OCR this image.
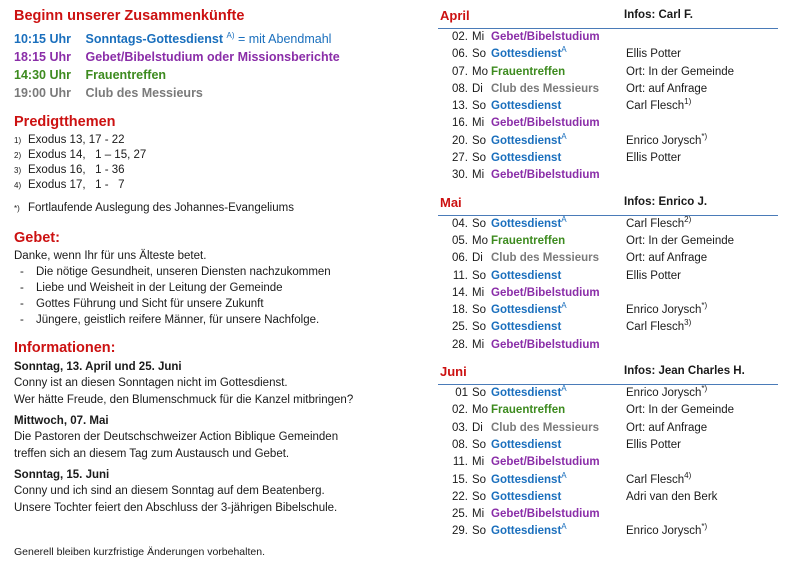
Beginn unserer Zusammenkünfte
10:15 Uhr Sonntags-Gottesdienst $^{A)}$ = mit Abendmahl
18:15 Uhr Gebet/Bibelstudium oder Missionsberichte
14:30 Uhr Frauentreffen
19:00 Uhr Club des Messieurs
Predigtthemen
1) Exodus 13, 17 - 22
2) Exodus 14,   1 – 15, 27
3) Exodus 16,   1 - 36
4) Exodus 17,   1 -   7
*) Fortlaufende Auslegung des Johannes-Evangeliums
Gebet:
Danke, wenn Ihr für uns Älteste betet.
- Die nötige Gesundheit, unseren Diensten nachzukommen
- Liebe und Weisheit in der Leitung der Gemeinde
- Gottes Führung und Sicht für unsere Zukunft
- Jüngere, geistlich reifere Männer, für unsere Nachfolge.
Informationen:
Sonntag, 13. April und 25. Juni
Conny ist an diesen Sonntagen nicht im Gottesdienst.
Wer hätte Freude, den Blumenschmuck für die Kanzel mitbringen?
Mittwoch, 07. Mai
Die Pastoren der Deutschschweizer Action Biblique Gemeinden
treffen sich an diesem Tag zum Austausch und Gebet.
Sonntag, 15. Juni
Conny und ich sind an diesem Sonntag auf dem Beatenberg.
Unsere Tochter feiert den Abschluss der 3-jährigen Bibelschule.
Generell bleiben kurzfristige Änderungen vorbehalten.
April	Infos: Carl F.
02. Mi Gebet/Bibelstudium
06. So Gottesdienst$^A$	Ellis Potter
07. Mo Frauentreffen	Ort: In der Gemeinde
08. Di Club des Messieurs Ort: auf Anfrage
13. So Gottesdienst	Carl Flesch$^{1)}$
16. Mi Gebet/Bibelstudium
20. So Gottesdienst$^A$	Enrico Jorysch*)
27. So Gottesdienst	Ellis Potter
30. Mi Gebet/Bibelstudium
Mai	Infos: Enrico J.
04. So Gottesdienst$^A$	Carl Flesch$^{2)}$
05. Mo Frauentreffen	Ort: In der Gemeinde
06. Di Club des Messieurs Ort: auf Anfrage
11. So Gottesdienst	Ellis Potter
14. Mi Gebet/Bibelstudium
18. So Gottesdienst$^A$	Enrico Jorysch*)
25. So Gottesdienst	Carl Flesch$^{3)}$
28. Mi Gebet/Bibelstudium
Juni	Infos: Jean Charles H.
01 So Gottesdienst$^A$	Enrico Jorysch*)
02. Mo Frauentreffen	Ort: In der Gemeinde
03. Di Club des Messieurs Ort: auf Anfrage
08. So Gottesdienst	Ellis Potter
11. Mi Gebet/Bibelstudium
15. So Gottesdienst$^A$	Carl Flesch$^{4)}$
22. So Gottesdienst	Adri van den Berk
25. Mi Gebet/Bibelstudium
29. So Gottesdienst$^A$	Enrico Jorysch*)
